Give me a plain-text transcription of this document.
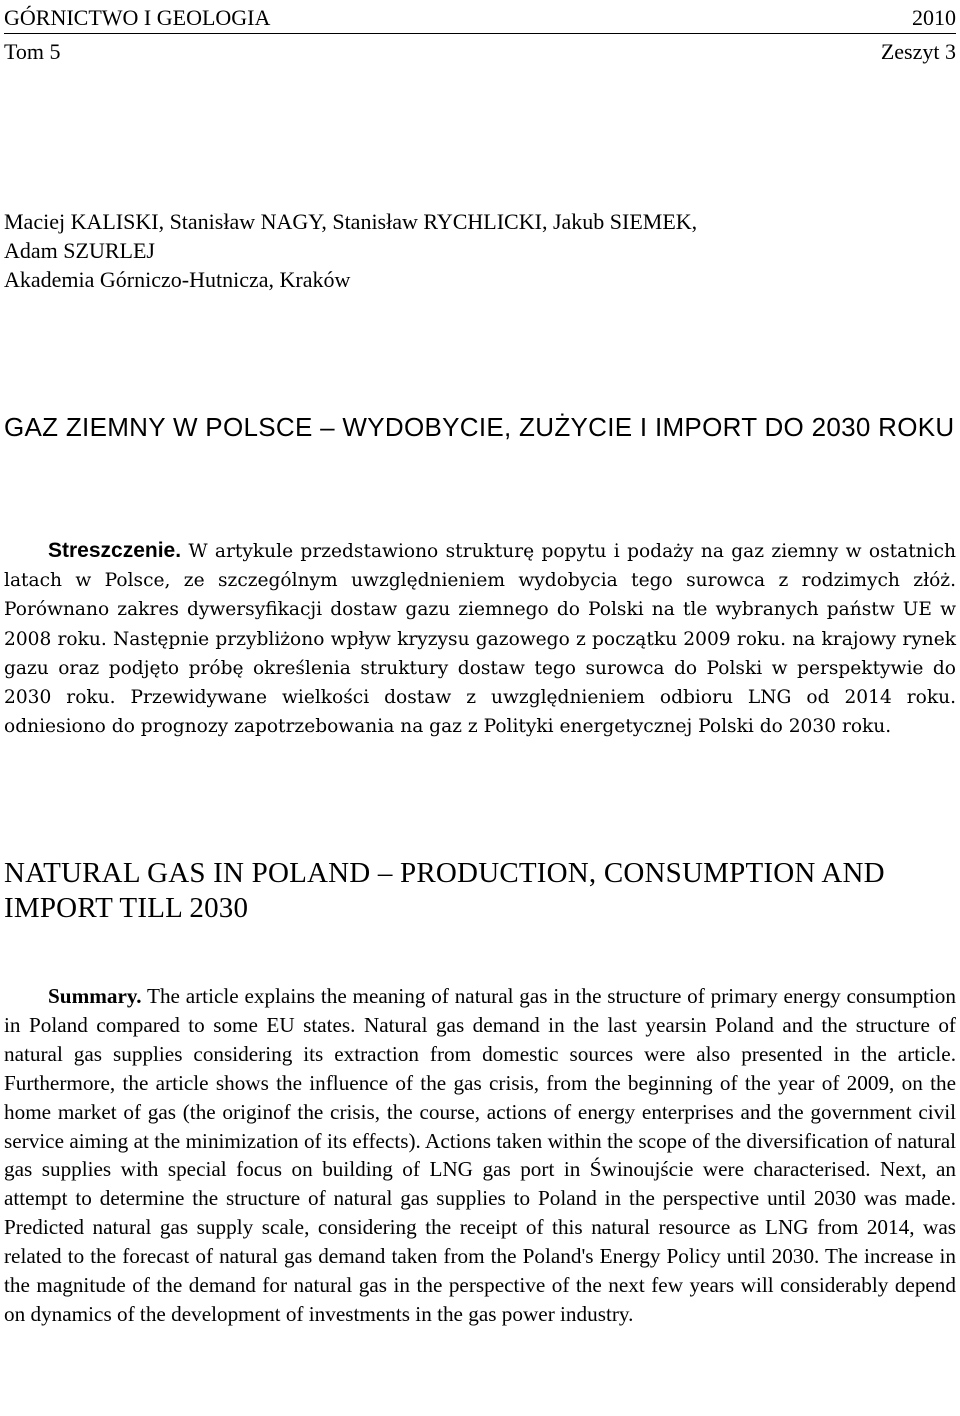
GÓRNICTWO I GEOLOGIA	2010
Tom 5	Zeszyt 3
Maciej KALISKI, Stanisław NAGY, Stanisław RYCHLICKI, Jakub SIEMEK,
Adam SZURLEJ
Akademia Górniczo-Hutnicza, Kraków
GAZ ZIEMNY W POLSCE – WYDOBYCIE, ZUŻYCIE I IMPORT DO 2030 ROKU
Streszczenie. W artykule przedstawiono strukturę popytu i podaży na gaz ziemny w ostatnich latach w Polsce, ze szczególnym uwzględnieniem wydobycia tego surowca z rodzimych złóż. Porównano zakres dywersyfikacji dostaw gazu ziemnego do Polski na tle wybranych państw UE w 2008 roku. Następnie przybliżono wpływ kryzysu gazowego z początku 2009 roku. na krajowy rynek gazu oraz podjęto próbę określenia struktury dostaw tego surowca do Polski w perspektywie do 2030 roku. Przewidywane wielkości dostaw z uwzględnieniem odbioru LNG od 2014 roku. odniesiono do prognozy zapotrzebowania na gaz z Polityki energetycznej Polski do 2030 roku.
NATURAL GAS IN POLAND – PRODUCTION, CONSUMPTION AND IMPORT TILL 2030
Summary. The article explains the meaning of natural gas in the structure of primary energy consumption in Poland compared to some EU states. Natural gas demand in the last yearsin Poland and the structure of natural gas supplies considering its extraction from domestic sources were also presented in the article. Furthermore, the article shows the influence of the gas crisis, from the beginning of the year of 2009, on the home market of gas (the originof the crisis, the course, actions of energy enterprises and the government civil service aiming at the minimization of its effects). Actions taken within the scope of the diversification of natural gas supplies with special focus on building of LNG gas port in Świnoujście were characterised. Next, an attempt to determine the structure of natural gas supplies to Poland in the perspective until 2030 was made. Predicted natural gas supply scale, considering the receipt of this natural resource as LNG from 2014, was related to the forecast of natural gas demand taken from the Poland's Energy Policy until 2030. The increase in the magnitude of the demand for natural gas in the perspective of the next few years will considerably depend on dynamics of the development of investments in the gas power industry.
